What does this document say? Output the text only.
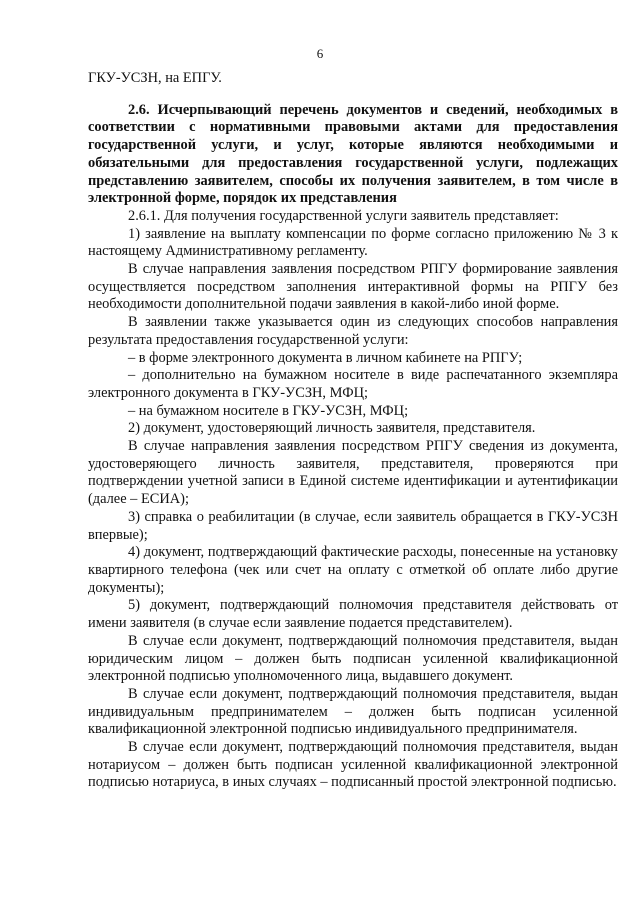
6

ГКУ-УСЗН, на ЕПГУ.

2.6. Исчерпывающий перечень документов и сведений, необходимых в соответствии с нормативными правовыми актами для предоставления государственной услуги, и услуг, которые являются необходимыми и обязательными для предоставления государственной услуги, подлежащих представлению заявителем, способы их получения заявителем, в том числе в электронной форме, порядок их представления

2.6.1. Для получения государственной услуги заявитель представляет:

1) заявление на выплату компенсации по форме согласно приложению № 3 к настоящему Административному регламенту.

В случае направления заявления посредством РПГУ формирование заявления осуществляется посредством заполнения интерактивной формы на РПГУ без необходимости дополнительной подачи заявления в какой-либо иной форме.

В заявлении также указывается один из следующих способов направления результата предоставления государственной услуги:

– в форме электронного документа в личном кабинете на РПГУ;

– дополнительно на бумажном носителе в виде распечатанного экземпляра электронного документа в ГКУ-УСЗН, МФЦ;

– на бумажном носителе в ГКУ-УСЗН, МФЦ;

2) документ, удостоверяющий личность заявителя, представителя.

В случае направления заявления посредством РПГУ сведения из документа, удостоверяющего личность заявителя, представителя, проверяются при подтверждении учетной записи в Единой системе идентификации и аутентификации (далее – ЕСИА);

3) справка о реабилитации (в случае, если заявитель обращается в ГКУ-УСЗН впервые);

4) документ, подтверждающий фактические расходы, понесенные на установку квартирного телефона (чек или счет на оплату с отметкой об оплате либо другие документы);

5) документ, подтверждающий полномочия представителя действовать от имени заявителя (в случае если заявление подается представителем).

В случае если документ, подтверждающий полномочия представителя, выдан юридическим лицом – должен быть подписан усиленной квалификационной электронной подписью уполномоченного лица, выдавшего документ.

В случае если документ, подтверждающий полномочия представителя, выдан индивидуальным предпринимателем – должен быть подписан усиленной квалификационной электронной подписью индивидуального предпринимателя.

В случае если документ, подтверждающий полномочия представителя, выдан нотариусом – должен быть подписан усиленной квалификационной электронной подписью нотариуса, в иных случаях – подписанный простой электронной подписью.
